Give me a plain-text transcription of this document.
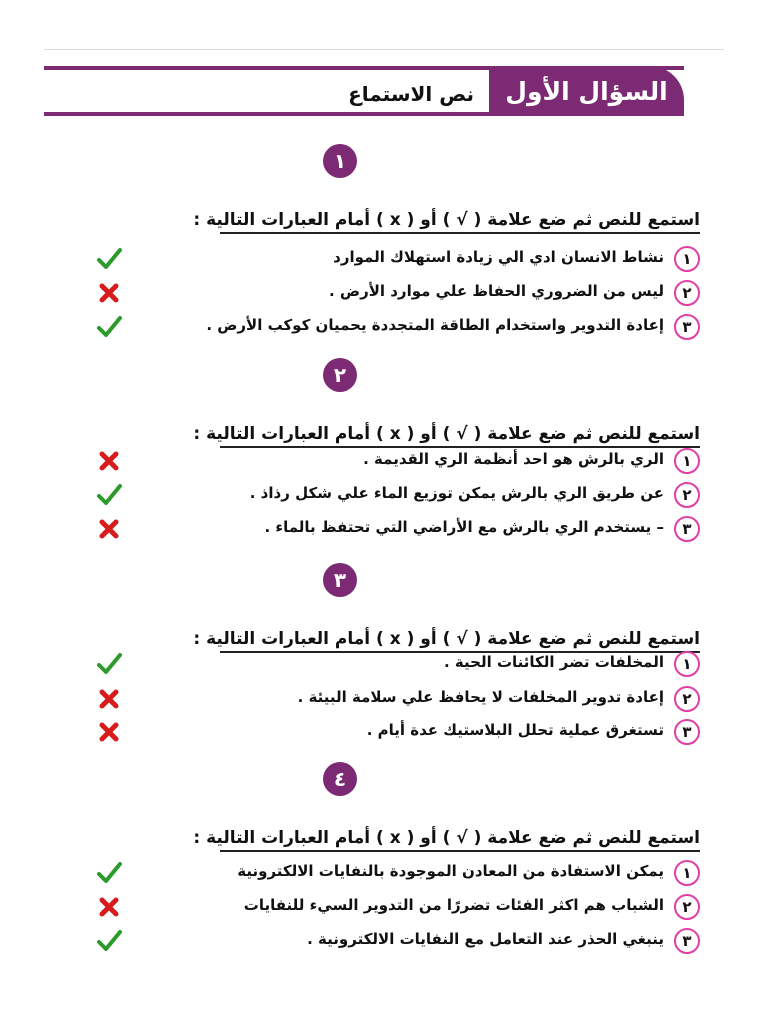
السؤال الأول
نص الاستماع
١
استمع للنص ثم ضع علامة ( √ ) أو ( x ) أمام العبارات التالية :
١
نشاط الانسان ادي الي زيادة استهلاك الموارد
٢
ليس من الضروري الحفاظ علي موارد الأرض .
٣
إعادة التدوير واستخدام الطاقة المتجددة يحميان كوكب الأرض .
٢
استمع للنص ثم ضع علامة ( √ ) أو ( x ) أمام العبارات التالية :
١
الري بالرش هو احد أنظمة الري القديمة .
٢
عن طريق الري بالرش يمكن توزيع الماء علي شكل رذاذ .
٣
– يستخدم الري بالرش مع الأراضي التي تحتفظ بالماء .
٣
استمع للنص ثم ضع علامة ( √ ) أو ( x ) أمام العبارات التالية :
١
المخلفات تضر الكائنات الحية .
٢
إعادة تدوير المخلفات لا يحافظ علي سلامة البيئة .
٣
تستغرق عملية تحلل البلاستيك عدة أيام .
٤
استمع للنص ثم ضع علامة ( √ ) أو ( x ) أمام العبارات التالية :
١
يمكن الاستفادة من المعادن الموجودة بالنفايات الالكترونية
٢
الشباب هم اكثر الفئات تضررًا من التدوير السيء للنفايات
٣
ينبغي الحذر عند التعامل مع النفايات الالكترونية .
